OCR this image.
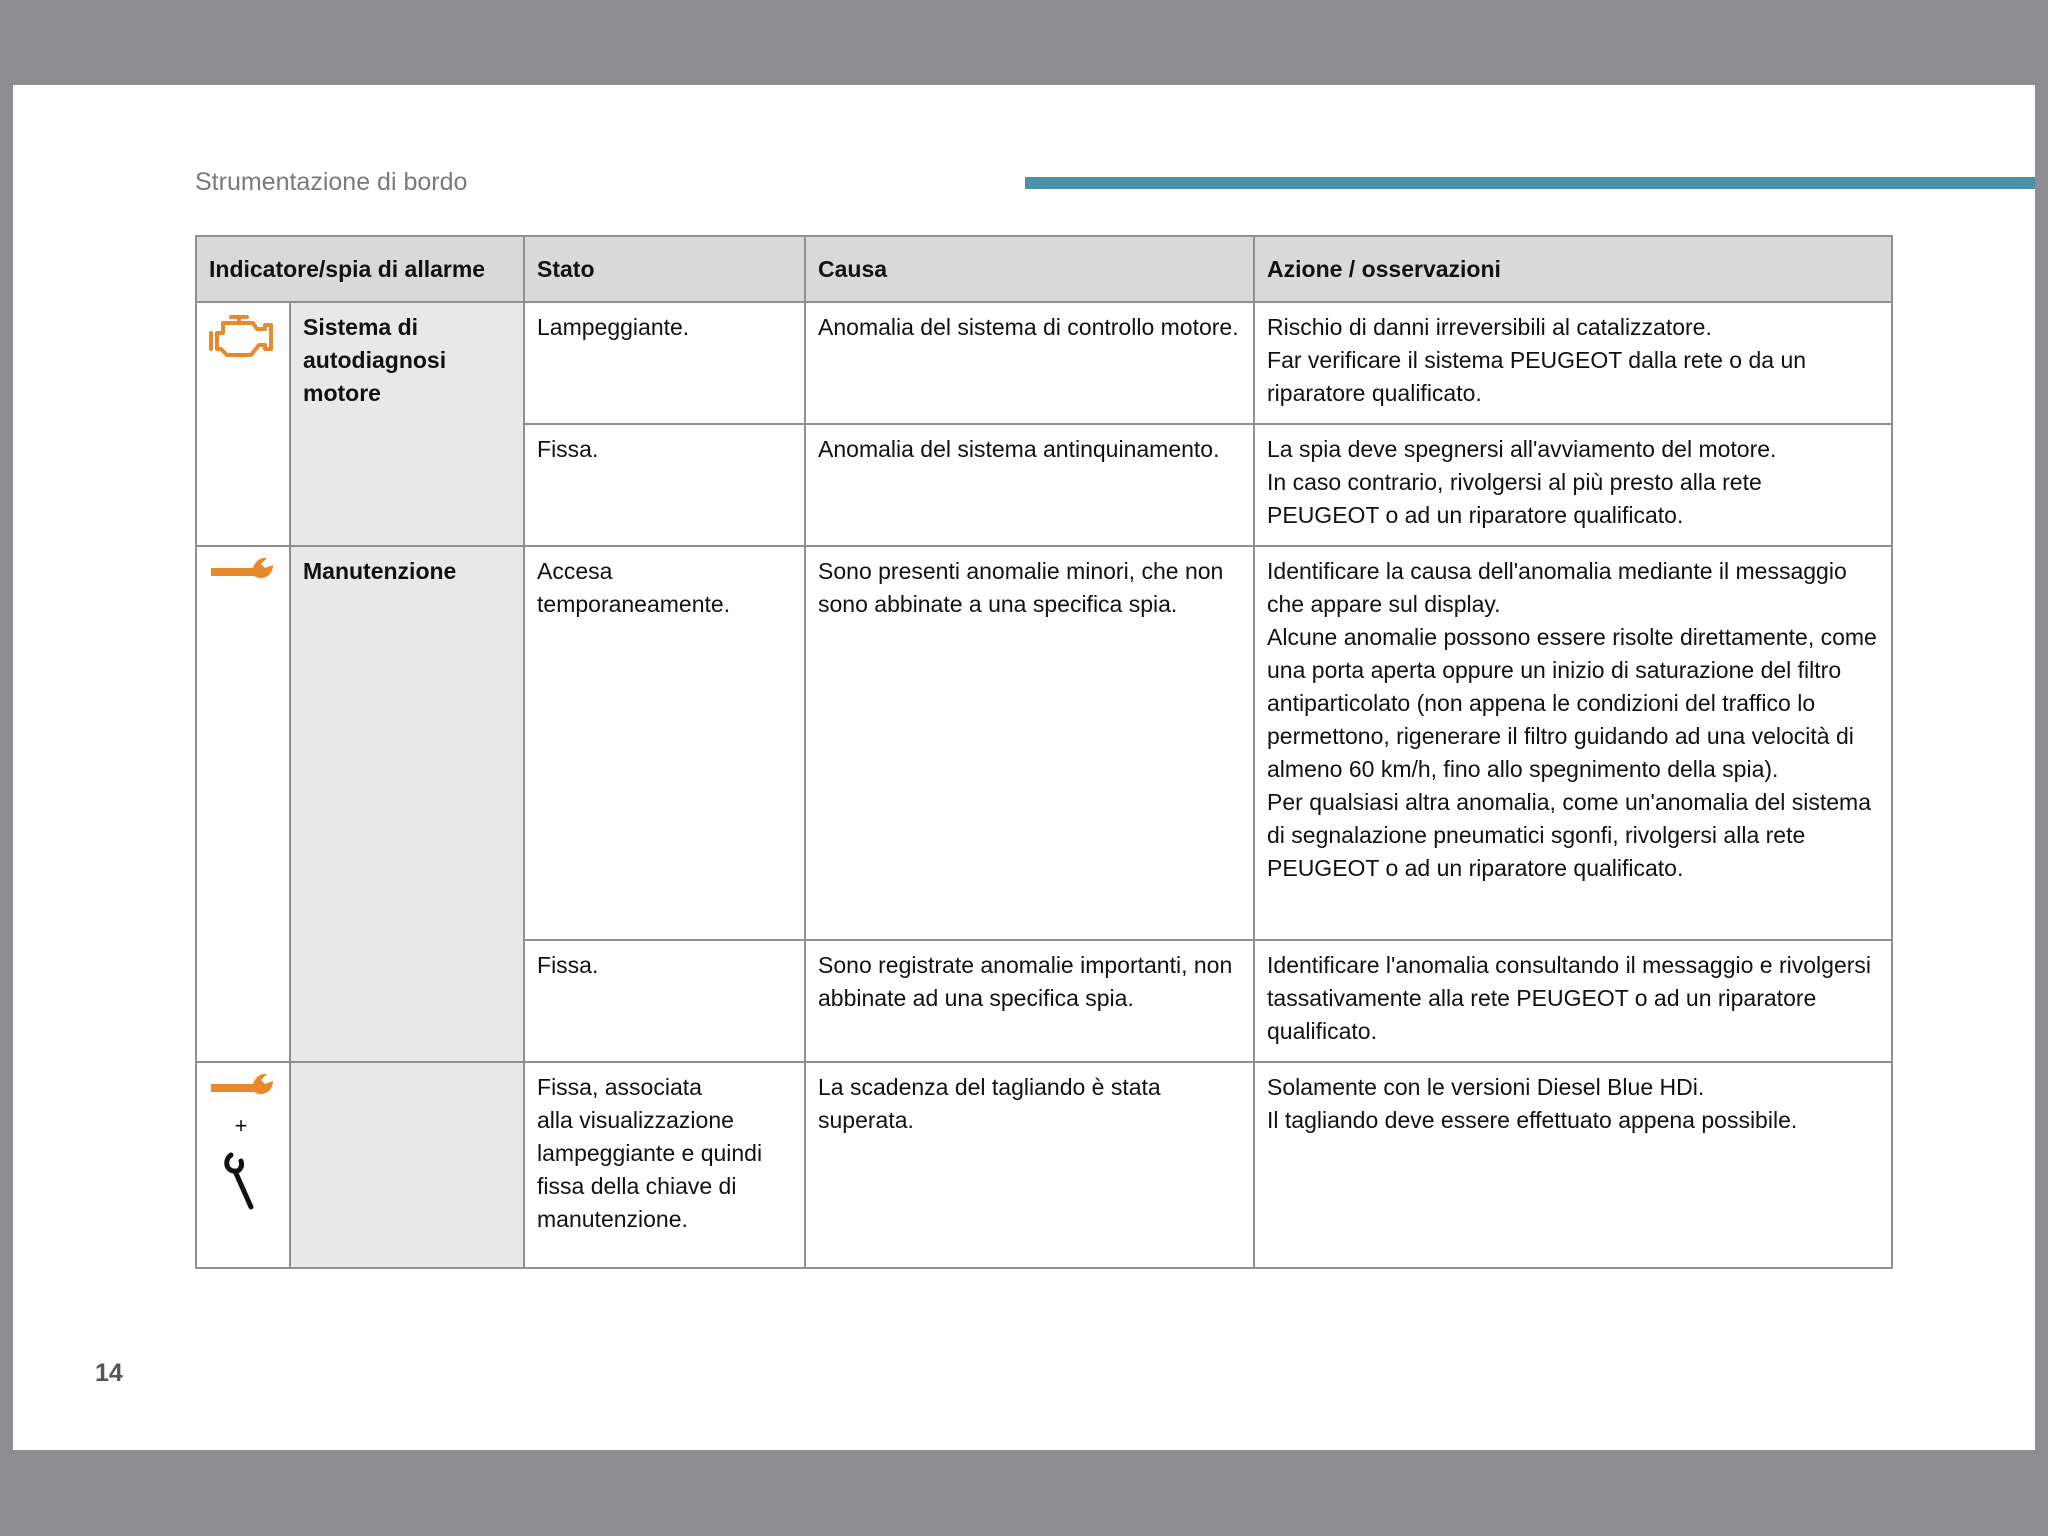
Strumentazione di bordo
Indicatore/spia di allarme		Stato	Causa	Azione / osservazioni

	Sistema di autodiagnosi motore	Lampeggiante.	Anomalia del sistema di controllo motore.	Rischio di danni irreversibili al catalizzatore.
Far verificare il sistema PEUGEOT dalla rete o da un riparatore qualificato.
		Fissa.	Anomalia del sistema antinquinamento.	La spia deve spegnersi all'avviamento del motore.
In caso contrario, rivolgersi al più presto alla rete PEUGEOT o ad un riparatore qualificato.

	Manutenzione	Accesa temporaneamente.	Sono presenti anomalie minori, che non sono abbinate a una specifica spia.	Identificare la causa dell'anomalia mediante il messaggio che appare sul display.
Alcune anomalie possono essere risolte direttamente, come una porta aperta oppure un inizio di saturazione del filtro antiparticolato (non appena le condizioni del traffico lo permettono, rigenerare il filtro guidando ad una velocità di almeno 60 km/h, fino allo spegnimento della spia).
Per qualsiasi altra anomalia, come un'anomalia del sistema di segnalazione pneumatici sgonfi, rivolgersi alla rete PEUGEOT o ad un riparatore qualificato.
		Fissa.	Sono registrate anomalie importanti, non abbinate ad una specifica spia.	Identificare l'anomalia consultando il messaggio e rivolgersi tassativamente alla rete PEUGEOT o ad un riparatore qualificato.

+		Fissa, associata
alla visualizzazione lampeggiante e quindi fissa della chiave di manutenzione.	La scadenza del tagliando è stata superata.	Solamente con le versioni Diesel Blue HDi.
Il tagliando deve essere effettuato appena possibile.
14
